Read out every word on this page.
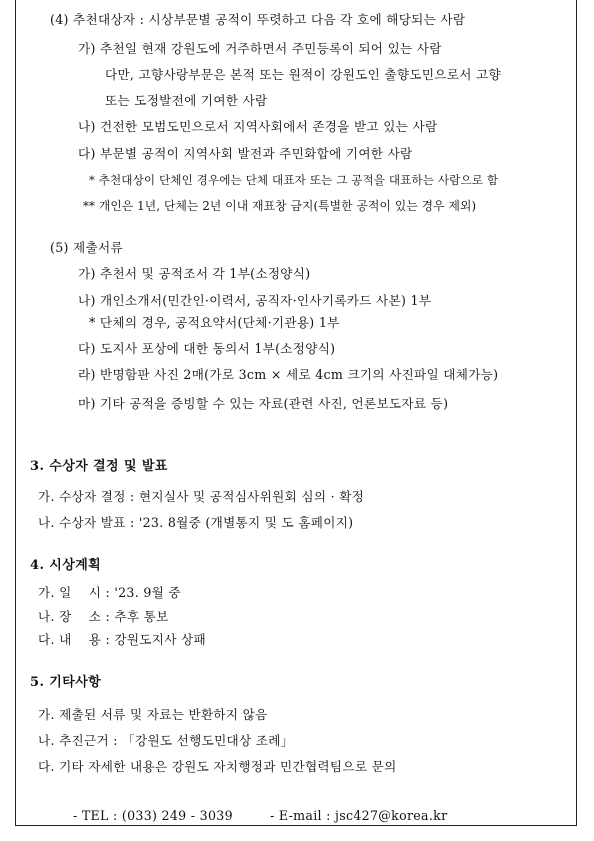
(4) 추천대상자 : 시상부문별 공적이 뚜렷하고 다음 각 호에 해당되는 사람
가) 추천일 현재 강원도에 거주하면서 주민등록이 되어 있는 사람
다만, 고향사랑부문은 본적 또는 원적이 강원도인 출향도민으로서 고향
또는 도정발전에 기여한 사람
나) 건전한 모범도민으로서 지역사회에서 존경을 받고 있는 사람
다) 부문별 공적이 지역사회 발전과 주민화합에 기여한 사람
* 추천대상이 단체인 경우에는 단체 대표자 또는 그 공적을 대표하는 사람으로 함
** 개인은 1년, 단체는 2년 이내 재표창 금지(특별한 공적이 있는 경우 제외)
(5) 제출서류
가) 추천서 및 공적조서 각 1부(소정양식)
나) 개인소개서(민간인·이력서, 공직자·인사기록카드 사본) 1부
* 단체의 경우, 공적요약서(단체·기관용) 1부
다) 도지사 포상에 대한 동의서 1부(소정양식)
라) 반명함판 사진 2매(가로 3cm × 세로 4cm 크기의 사진파일 대체가능)
마) 기타 공적을 증빙할 수 있는 자료(관련 사진, 언론보도자료 등)
3. 수상자 결정 및 발표
가. 수상자 결정 : 현지실사 및 공적심사위원회 심의 · 확정
나. 수상자 발표 : '23. 8월중 (개별통지 및 도 홈페이지)
4. 시상계획
가. 일　 시 : '23. 9월 중
나. 장　 소 : 추후 통보
다. 내　 용 : 강원도지사 상패
5. 기타사항
가. 제출된 서류 및 자료는 반환하지 않음
나. 추진근거 : 「강원도 선행도민대상 조례」
다. 기타 자세한 내용은 강원도 자치행정과 민간협력팀으로 문의
- TEL : (033) 249 - 3039	- E-mail : jsc427@korea.kr
